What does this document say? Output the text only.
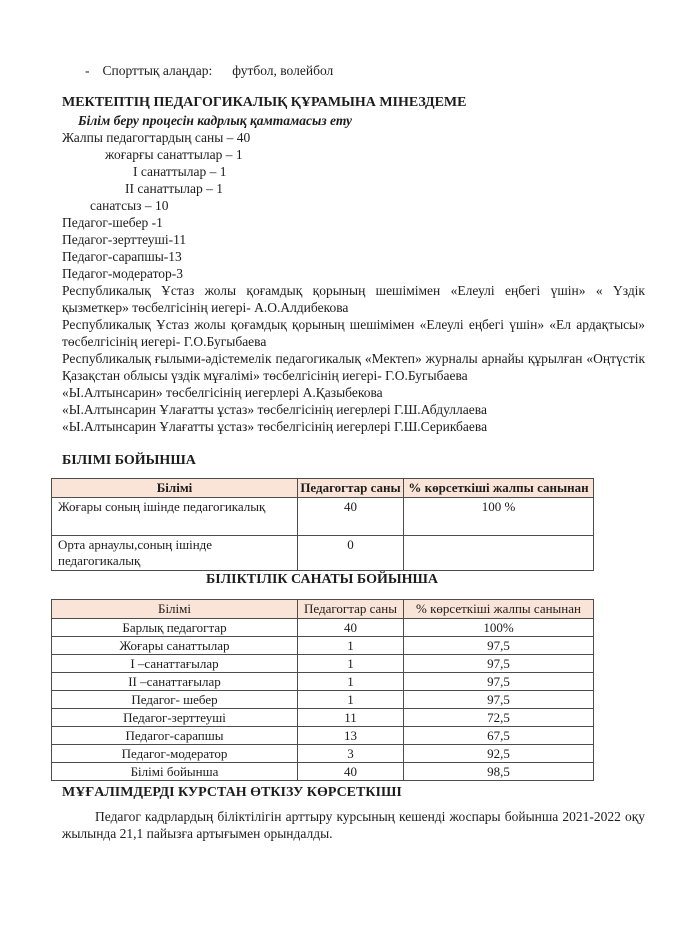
- Спорттық алаңдар: футбол, волейбол
МЕКТЕПТІҢ ПЕДАГОГИКАЛЫҚ ҚҰРАМЫНА МІНЕЗДЕМЕ
Білім беру процесін кадрлық қамтамасыз ету
Жалпы педагогтардың саны – 40
жоғарғы санаттылар – 1
I санаттылар – 1
II санаттылар – 1
санатсыз – 10
Педагог-шебер -1
Педагог-зерттеуші-11
Педагог-сарапшы-13
Педагог-модератор-3
Республикалық Ұстаз жолы қоғамдық қорының шешімімен «Елеулі еңбегі үшін» « Үздік қызметкер» төсбелгісінің иегері- А.О.Алдибекова
Республикалық Ұстаз жолы қоғамдық қорының шешімімен «Елеулі еңбегі үшін» «Ел ардақтысы» төсбелгісінің иегері- Г.О.Бугыбаева
Республикалық ғылыми-әдістемелік педагогикалық «Мектеп» журналы арнайы құрылған «Оңтүстік Қазақстан облысы үздік мұғалімі» төсбелгісінің иегері- Г.О.Бугыбаева
«Ы.Алтынсарин» төсбелгісінің иегерлері А.Қазыбекова
«Ы.Алтынсарин Ұлағатты ұстаз» төсбелгісінің иегерлері Г.Ш.Абдуллаева
«Ы.Алтынсарин Ұлағатты ұстаз» төсбелгісінің иегерлері Г.Ш.Серикбаева
БІЛІМІ БОЙЫНША
Білімі	Педагогтар саны	% көрсеткіші жалпы санынан
Жоғары соның ішінде педагогикалық	40	100 %
Орта арнаулы,соның ішінде педагогикалық	0	
БІЛІКТІЛІК САНАТЫ БОЙЫНША
Білімі	Педагогтар саны	% көрсеткіші жалпы санынан
Барлық педагогтар	40	100%
Жоғары санаттылар	1	97,5
I –санаттағылар	1	97,5
II –санаттағылар	1	97,5
Педагог- шебер	1	97,5
Педагог-зерттеуші	11	72,5
Педагог-сарапшы	13	67,5
Педагог-модератор	3	92,5
Білімі бойынша	40	98,5
МҰҒАЛІМДЕРДІ КУРСТАН ӨТКІЗУ КӨРСЕТКІШІ
Педагог кадрлардың біліктілігін арттыру курсының кешенді жоспары бойынша 2021-2022 оқу жылында 21,1 пайызға артығымен орындалды.
